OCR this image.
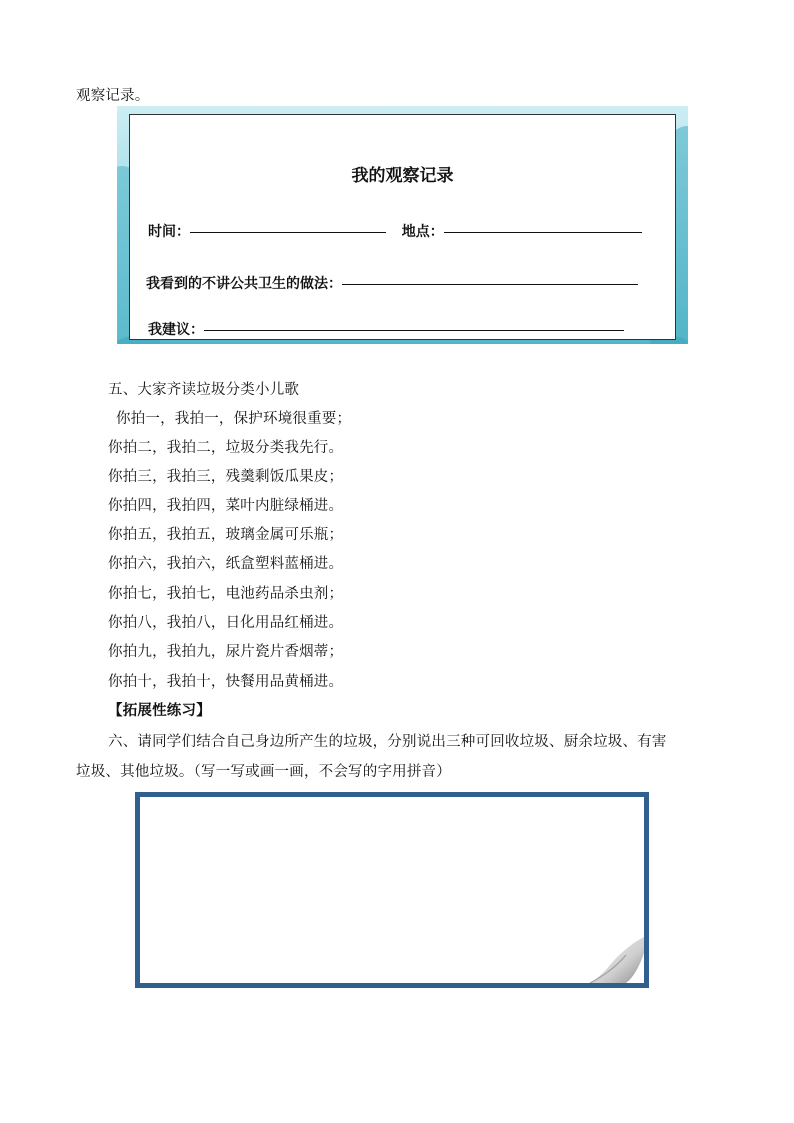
观察记录。
我的观察记录
时间：	地点：
我看到的不讲公共卫生的做法：
我建议：
五、大家齐读垃圾分类小儿歌
你拍一，我拍一，保护环境很重要；
你拍二，我拍二，垃圾分类我先行。
你拍三，我拍三，残羹剩饭瓜果皮；
你拍四，我拍四，菜叶内脏绿桶进。
你拍五，我拍五，玻璃金属可乐瓶；
你拍六，我拍六，纸盒塑料蓝桶进。
你拍七，我拍七，电池药品杀虫剂；
你拍八，我拍八，日化用品红桶进。
你拍九，我拍九，尿片瓷片香烟蒂；
你拍十，我拍十，快餐用品黄桶进。
【拓展性练习】
六、请同学们结合自己身边所产生的垃圾，分别说出三种可回收垃圾、厨余垃圾、有害
垃圾、其他垃圾。（写一写或画一画，不会写的字用拼音）
